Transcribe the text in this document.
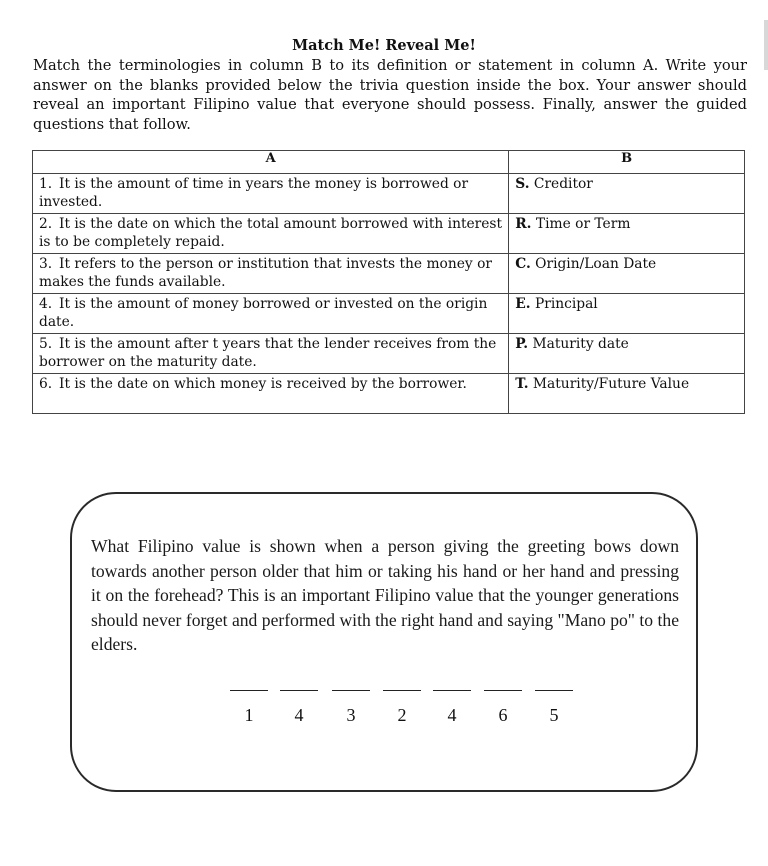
Match Me! Reveal Me!
Match the terminologies in column B to its definition or statement in column A. Write your answer on the blanks provided below the trivia question inside the box. Your answer should reveal an important Filipino value that everyone should possess. Finally, answer the guided questions that follow.
A	B
1. It is the amount of time in years the money is borrowed or invested.	S. Creditor
2. It is the date on which the total amount borrowed with interest is to be completely repaid.	R. Time or Term
3. It refers to the person or institution that invests the money or makes the funds available.	C. Origin/Loan Date
4. It is the amount of money borrowed or invested on the origin date.	E. Principal
5. It is the amount after t years that the lender receives from the borrower on the maturity date.	P. Maturity date
6. It is the date on which money is received by the borrower.	T. Maturity/Future Value
What Filipino value is shown when a person giving the greeting bows down towards another person older that him or taking his hand or her hand and pressing it on the forehead? This is an important Filipino value that the younger generations should never forget and performed with the right hand and saying "Mano po" to the elders.
1	4	3	2	4	6	5
